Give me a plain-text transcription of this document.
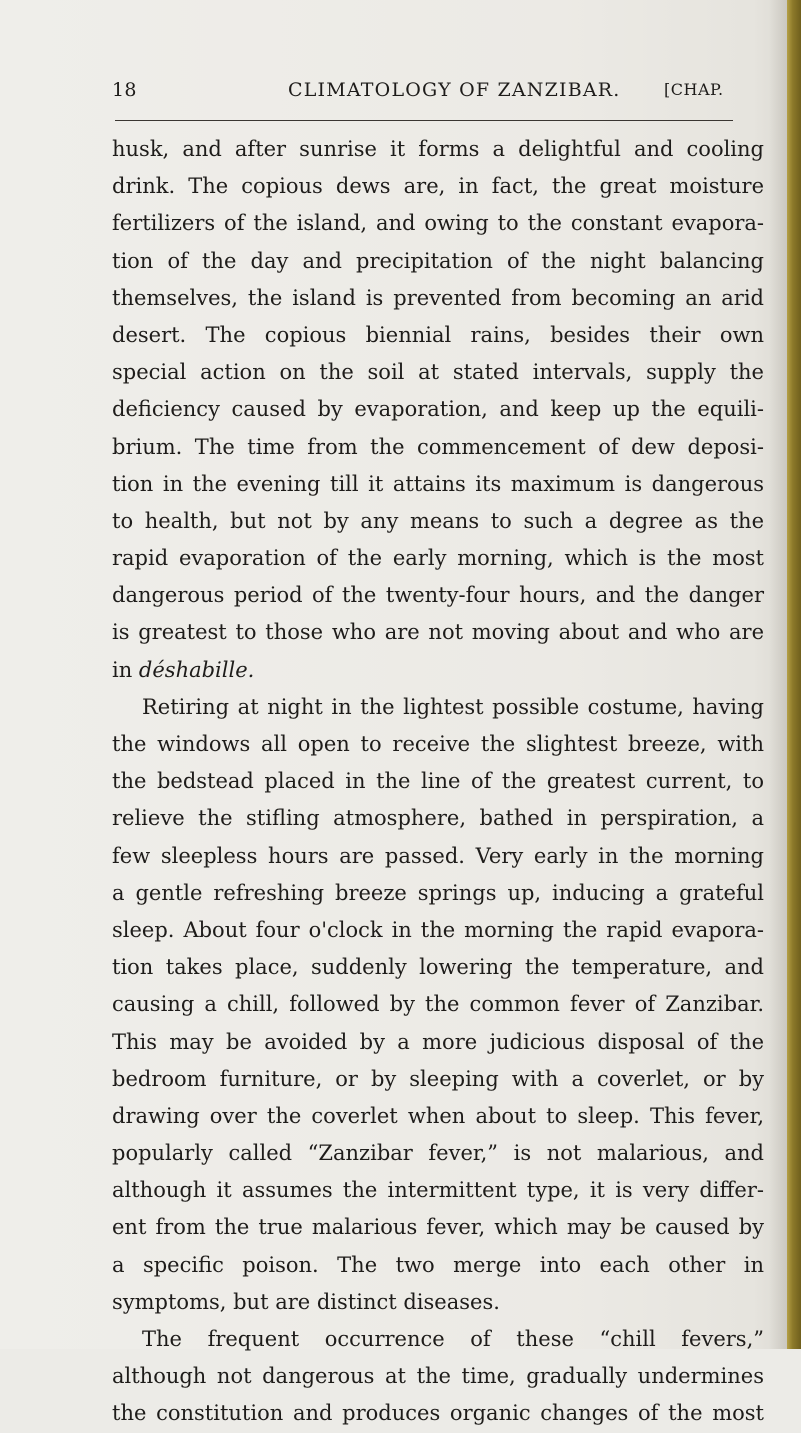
18	CLIMATOLOGY OF ZANZIBAR.	[CHAP.
husk, and after sunrise it forms a delightful and cooling
drink. The copious dews are, in fact, the great moisture
fertilizers of the island, and owing to the constant evapora-
tion of the day and precipitation of the night balancing
themselves, the island is prevented from becoming an arid
desert. The copious biennial rains, besides their own
special action on the soil at stated intervals, supply the
deficiency caused by evaporation, and keep up the equili-
brium. The time from the commencement of dew deposi-
tion in the evening till it attains its maximum is dangerous
to health, but not by any means to such a degree as the
rapid evaporation of the early morning, which is the most
dangerous period of the twenty-four hours, and the danger
is greatest to those who are not moving about and who are
in déshabille.
Retiring at night in the lightest possible costume, having
the windows all open to receive the slightest breeze, with
the bedstead placed in the line of the greatest current, to
relieve the stifling atmosphere, bathed in perspiration, a
few sleepless hours are passed. Very early in the morning
a gentle refreshing breeze springs up, inducing a grateful
sleep. About four o'clock in the morning the rapid evapora-
tion takes place, suddenly lowering the temperature, and
causing a chill, followed by the common fever of Zanzibar.
This may be avoided by a more judicious disposal of the
bedroom furniture, or by sleeping with a coverlet, or by
drawing over the coverlet when about to sleep. This fever,
popularly called “Zanzibar fever,” is not malarious, and
although it assumes the intermittent type, it is very differ-
ent from the true malarious fever, which may be caused by
a specific poison. The two merge into each other in
symptoms, but are distinct diseases.
The frequent occurrence of these “chill fevers,”
although not dangerous at the time, gradually undermines
the constitution and produces organic changes of the most
